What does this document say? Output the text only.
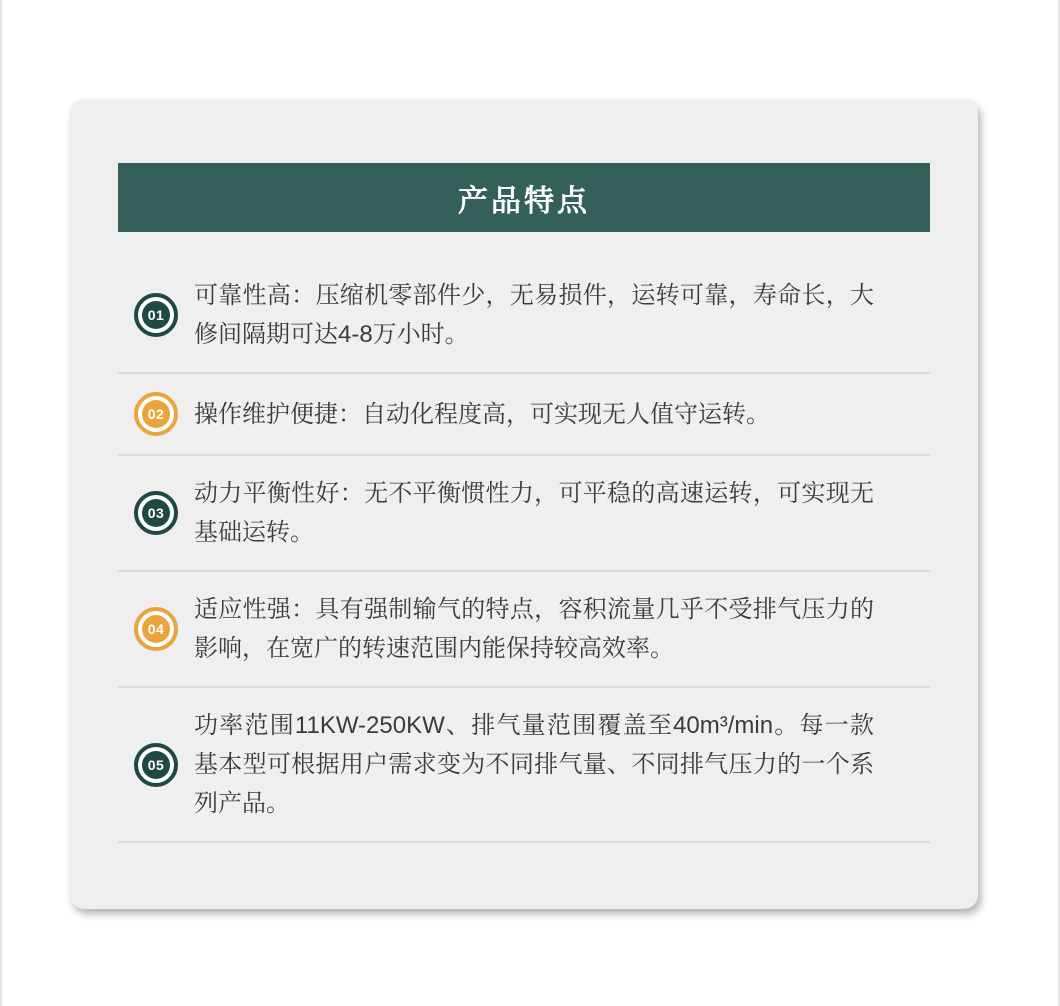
产品特点
01

可靠性高：压缩机零部件少，无易损件，运转可靠，寿命长，大修间隔期可达4-8万小时。

02 操作维护便捷：自动化程度高，可实现无人值守运转。

03

动力平衡性好：无不平衡惯性力，可平稳的高速运转，可实现无基础运转。

04

适应性强：具有强制输气的特点，容积流量几乎不受排气压力的影响，在宽广的转速范围内能保持较高效率。

05

功率范围11KW-250KW、排气量范围覆盖至40m³/min。每一款基本型可根据用户需求变为不同排气量、不同排气压力的一个系列产品。
